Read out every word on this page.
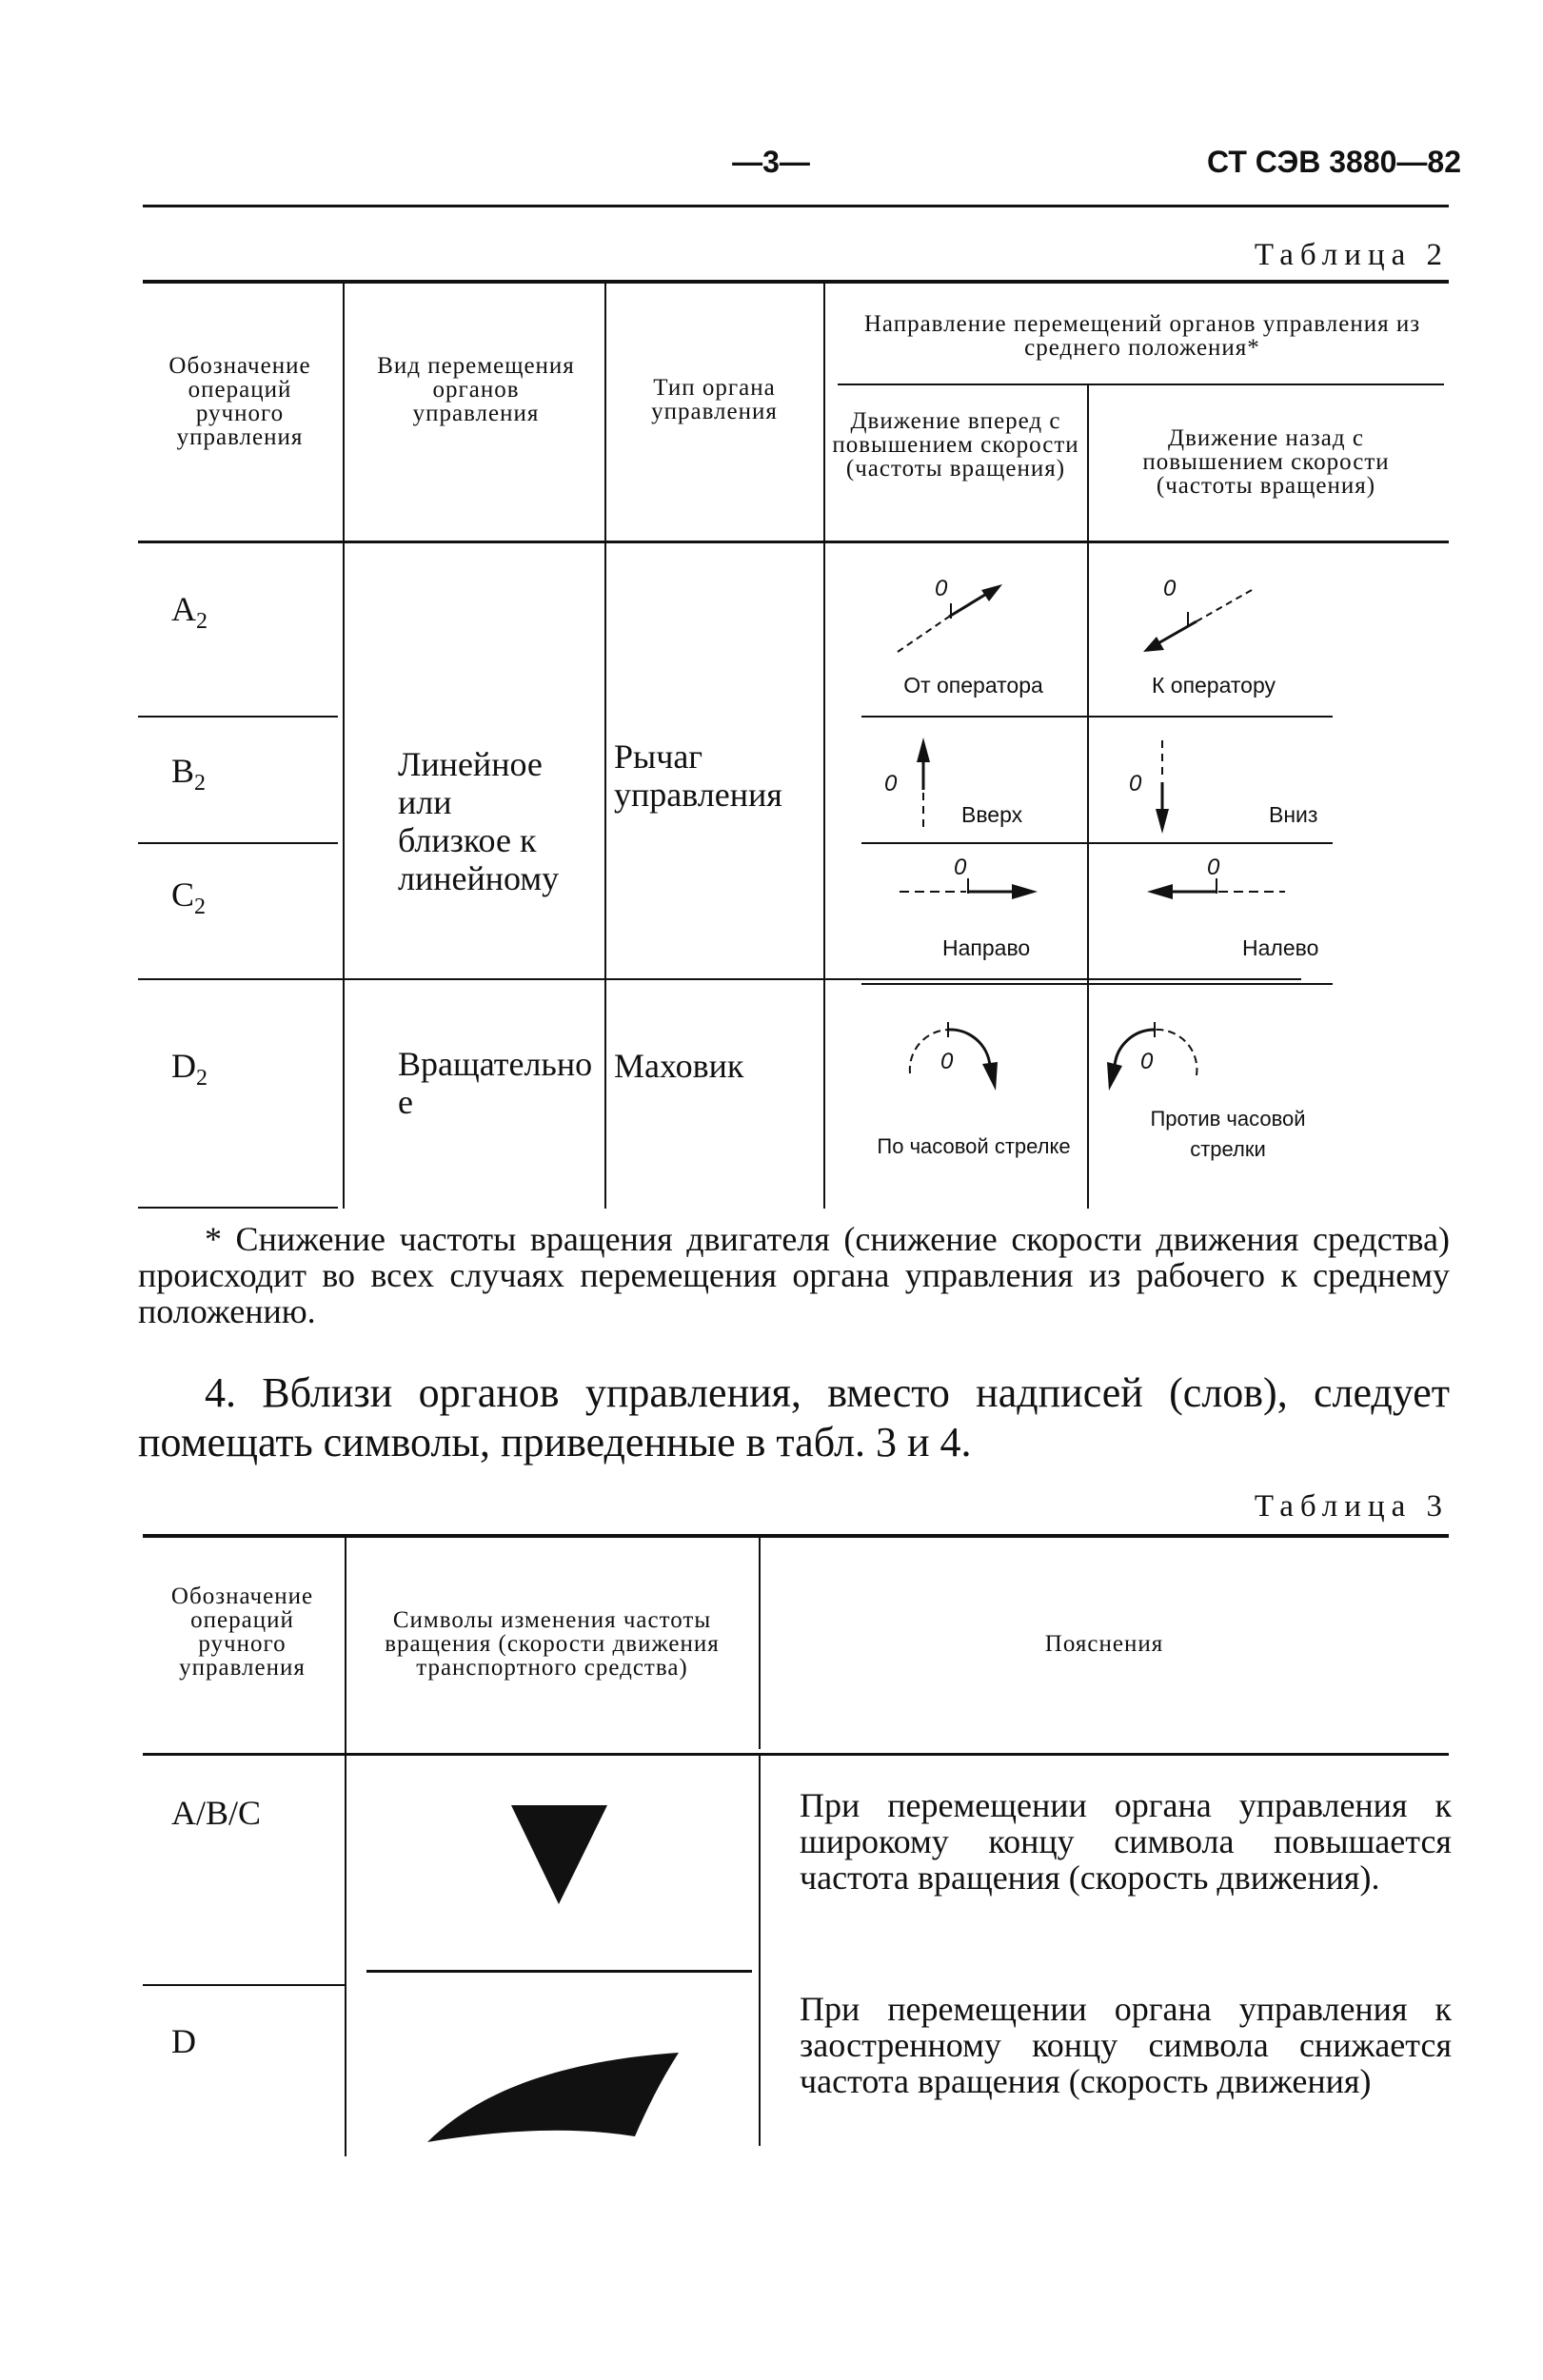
—3—	СТ СЭВ 3880—82
Таблица 2
Обозначение операций ручного управления
Вид перемещения органов управления
Тип органа управления
Направление перемещений органов управления из среднего положения*
Движение вперед с повышением скорости (частоты вращения)
Движение назад с повышением скорости (частоты вращения)
$A_2$
$B_2$
$C_2$
$D_2$
Линейное или близкое к линейному
Рычаг управления
Вращательное
Маховик
0
От оператора
0
К оператору
0
Вверх
0
Вниз
0
Направо
0
Налево
0
По часовой стрелке
0
Против часовой стрелки
* Снижение частоты вращения двигателя (снижение скорости движения средства) происходит во всех случаях перемещения органа управления из рабочего к среднему положению.
4. Вблизи органов управления, вместо надписей (слов), следует помещать символы, приведенные в табл. 3 и 4.
Таблица 3
Обозначение операций ручного управления
Символы изменения частоты вращения (скорости движения транспортного средства)
Пояснения
A/B/C
D
При перемещении органа управления к широкому концу символа повышается частота вращения (скорость движения).
При перемещении органа управления к заостренному концу символа снижается частота вращения (скорость движения)
